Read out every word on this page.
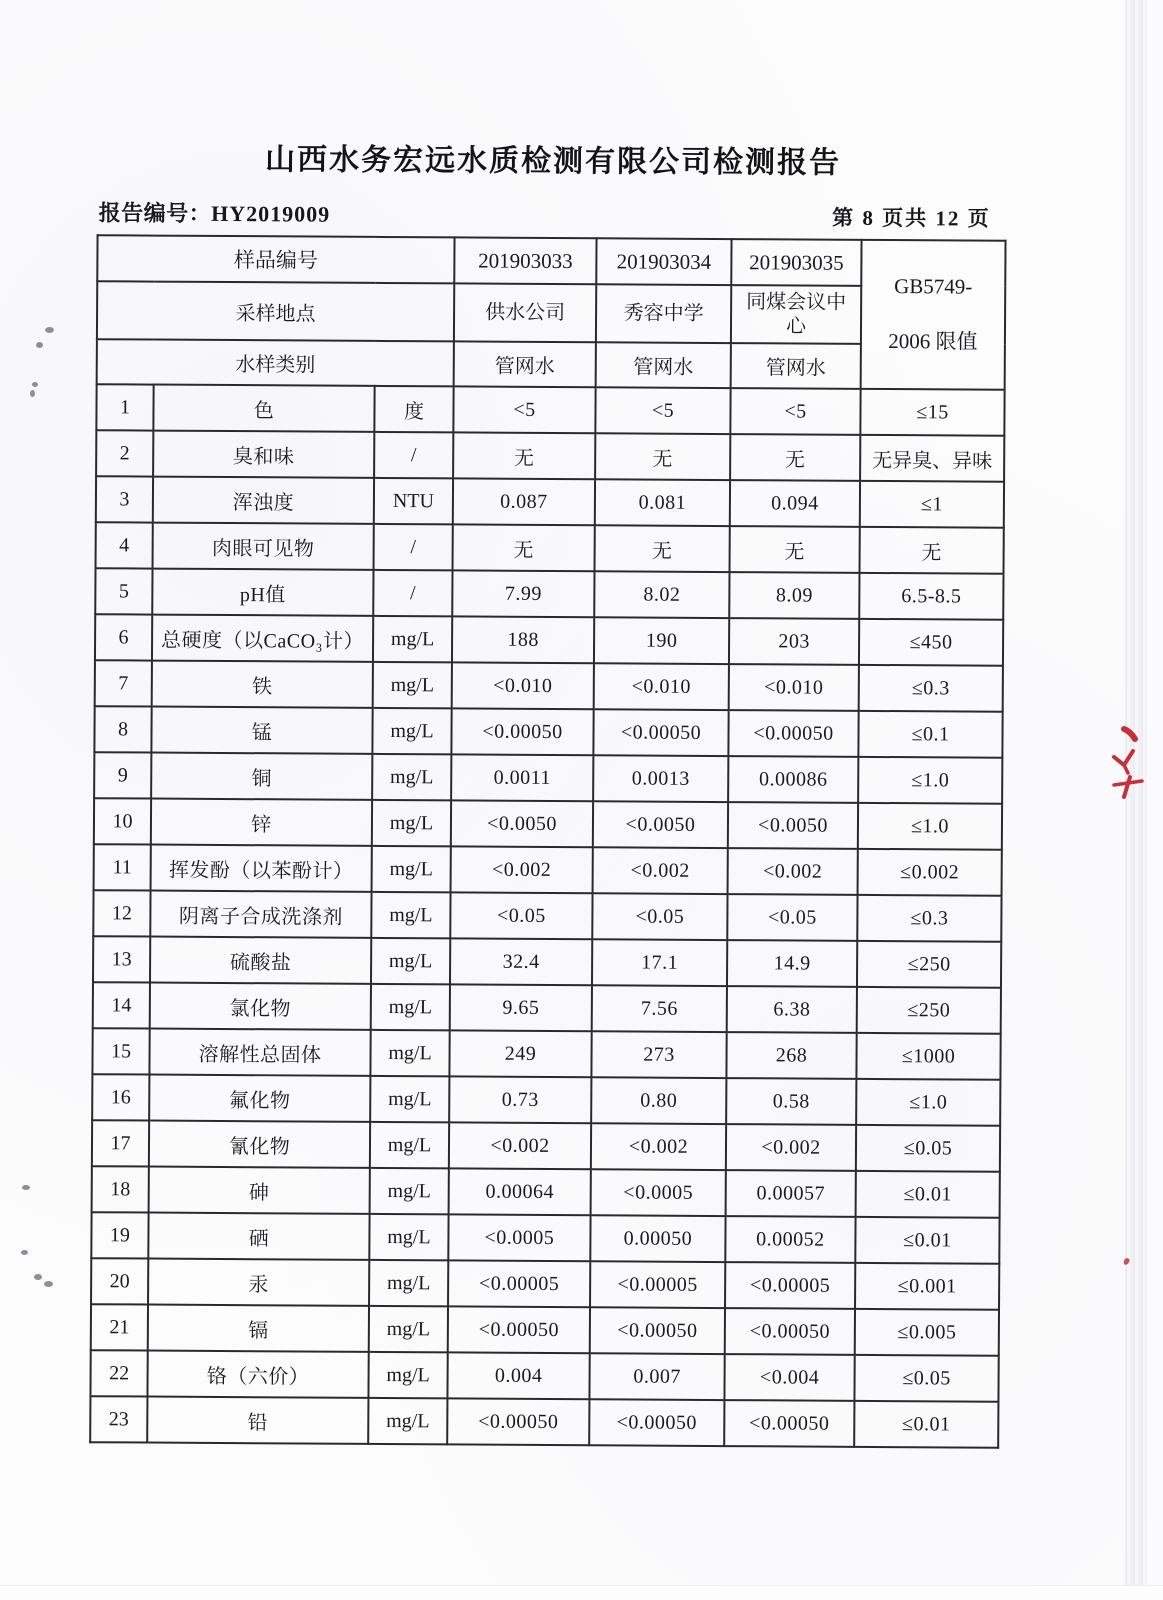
山西水务宏远水质检测有限公司检测报告
报告编号：HY2019009	第 8 页共 12 页
样品编号			201903033	201903034	201903035	GB5749-
2006 限值

采样地点			供水公司	秀容中学	同煤会议中心	
水样类别			管网水	管网水	管网水	
1	色	度	<5	<5	<5	≤15
2	臭和味	/	无	无	无	无异臭、异味
3	浑浊度	NTU	0.087	0.081	0.094	≤1
4	肉眼可见物	/	无	无	无	无
5	pH值	/	7.99	8.02	8.09	6.5-8.5
6	总硬度（以CaCO₃计）	mg/L	188	190	203	≤450
7	铁	mg/L	<0.010	<0.010	<0.010	≤0.3
8	锰	mg/L	<0.00050	<0.00050	<0.00050	≤0.1
9	铜	mg/L	0.0011	0.0013	0.00086	≤1.0
10	锌	mg/L	<0.0050	<0.0050	<0.0050	≤1.0
11	挥发酚（以苯酚计）	mg/L	<0.002	<0.002	<0.002	≤0.002
12	阴离子合成洗涤剂	mg/L	<0.05	<0.05	<0.05	≤0.3
13	硫酸盐	mg/L	32.4	17.1	14.9	≤250
14	氯化物	mg/L	9.65	7.56	6.38	≤250
15	溶解性总固体	mg/L	249	273	268	≤1000
16	氟化物	mg/L	0.73	0.80	0.58	≤1.0
17	氰化物	mg/L	<0.002	<0.002	<0.002	≤0.05
18	砷	mg/L	0.00064	<0.0005	0.00057	≤0.01
19	硒	mg/L	<0.0005	0.00050	0.00052	≤0.01
20	汞	mg/L	<0.00005	<0.00005	<0.00005	≤0.001
21	镉	mg/L	<0.00050	<0.00050	<0.00050	≤0.005
22	铬（六价）	mg/L	0.004	0.007	<0.004	≤0.05
23	铅	mg/L	<0.00050	<0.00050	<0.00050	≤0.01
